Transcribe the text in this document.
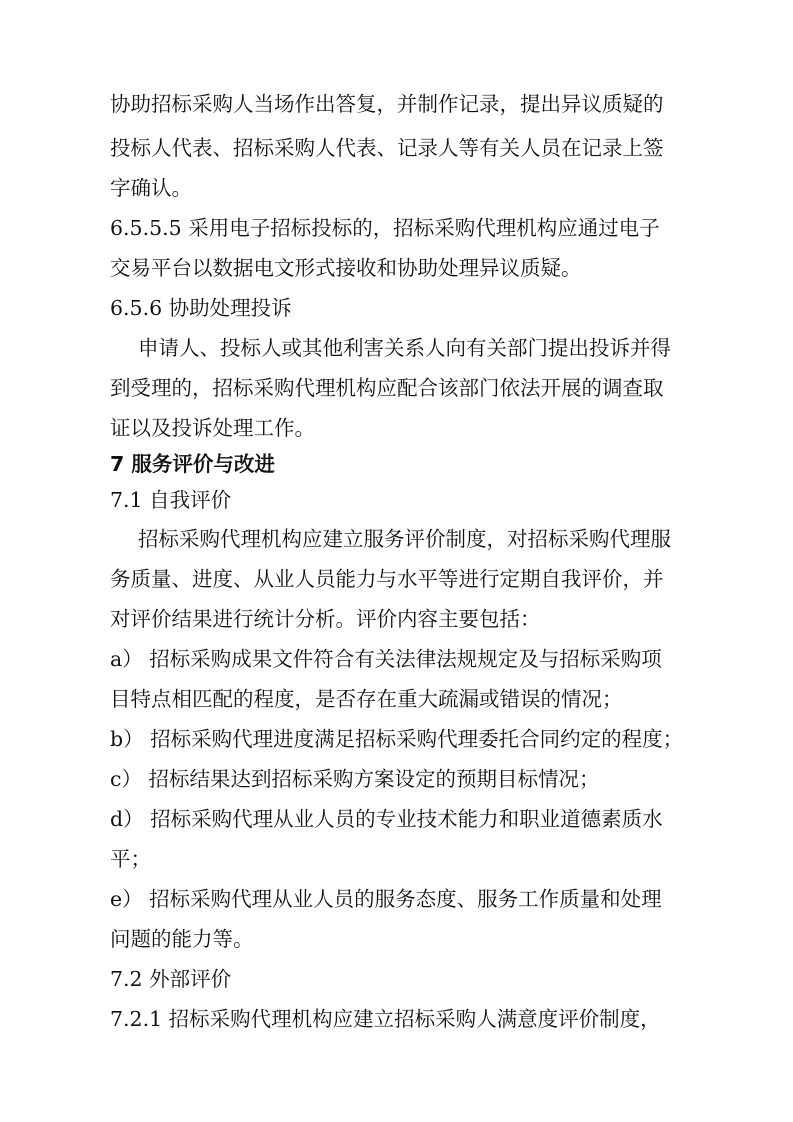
协助招标采购人当场作出答复，并制作记录，提出异议质疑的
投标人代表、招标采购人代表、记录人等有关人员在记录上签
字确认。
6.5.5.5 采用电子招标投标的，招标采购代理机构应通过电子
交易平台以数据电文形式接收和协助处理异议质疑。
6.5.6 协助处理投诉
申请人、投标人或其他利害关系人向有关部门提出投诉并得
到受理的，招标采购代理机构应配合该部门依法开展的调查取
证以及投诉处理工作。
7 服务评价与改进
7.1 自我评价
招标采购代理机构应建立服务评价制度，对招标采购代理服
务质量、进度、从业人员能力与水平等进行定期自我评价，并
对评价结果进行统计分析。评价内容主要包括：
a） 招标采购成果文件符合有关法律法规规定及与招标采购项
目特点相匹配的程度，是否存在重大疏漏或错误的情况；
b） 招标采购代理进度满足招标采购代理委托合同约定的程度；
c） 招标结果达到招标采购方案设定的预期目标情况；
d） 招标采购代理从业人员的专业技术能力和职业道德素质水
平；
e） 招标采购代理从业人员的服务态度、服务工作质量和处理
问题的能力等。
7.2 外部评价
7.2.1 招标采购代理机构应建立招标采购人满意度评价制度，
